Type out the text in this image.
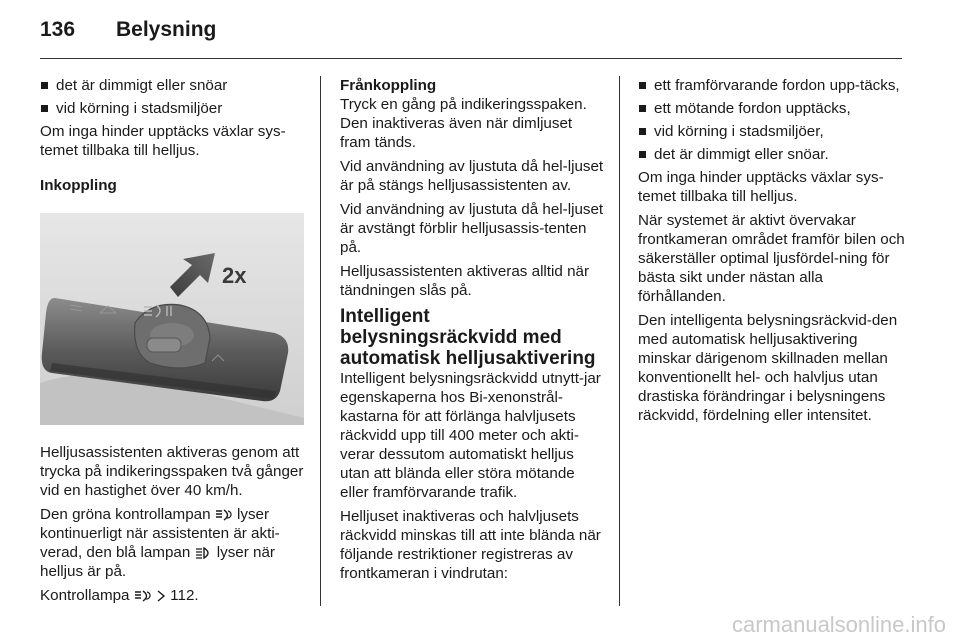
136	Belysning
det är dimmigt eller snöar
vid körning i stadsmiljöer

Om inga hinder upptäcks växlar sys-temet tillbaka till helljus.

Inkoppling

2x

Helljusassistenten aktiveras genom att trycka på indikeringsspaken två gånger vid en hastighet över 40 km/h.

Den gröna kontrollampan  lyser kontinuerligt när assistenten är akti-verad, den blå lampan  lyser när helljus är på.

Kontrollampa   112.

Frånkoppling

Tryck en gång på indikeringsspaken. Den inaktiveras även när dimljuset fram tänds.

Vid användning av ljustuta då hel-ljuset är på stängs helljusassistenten av.

Vid användning av ljustuta då hel-ljuset är avstängt förblir helljusassis-tenten på.

Helljusassistenten aktiveras alltid när tändningen slås på.

Intelligent belysningsräckvidd med automatisk helljusaktivering

Intelligent belysningsräckvidd utnytt-jar egenskaperna hos Bi-xenonstrål-kastarna för att förlänga halvljusets räckvidd upp till 400 meter och akti-verar dessutom automatiskt helljus utan att blända eller störa mötande eller framförvarande trafik.

Helljuset inaktiveras och halvljusets räckvidd minskas till att inte blända när följande restriktioner registreras av frontkameran i vindrutan:

ett framförvarande fordon upp-täcks,
ett mötande fordon upptäcks,
vid körning i stadsmiljöer,
det är dimmigt eller snöar.

Om inga hinder upptäcks växlar sys-temet tillbaka till helljus.

När systemet är aktivt övervakar frontkameran området framför bilen och säkerställer optimal ljusfördel-ning för bästa sikt under nästan alla förhållanden.

Den intelligenta belysningsräckvid-den med automatisk helljusaktivering minskar därigenom skillnaden mellan konventionellt hel- och halvljus utan drastiska förändringar i belysningens räckvidd, fördelning eller intensitet.

carmanualsonline.info
